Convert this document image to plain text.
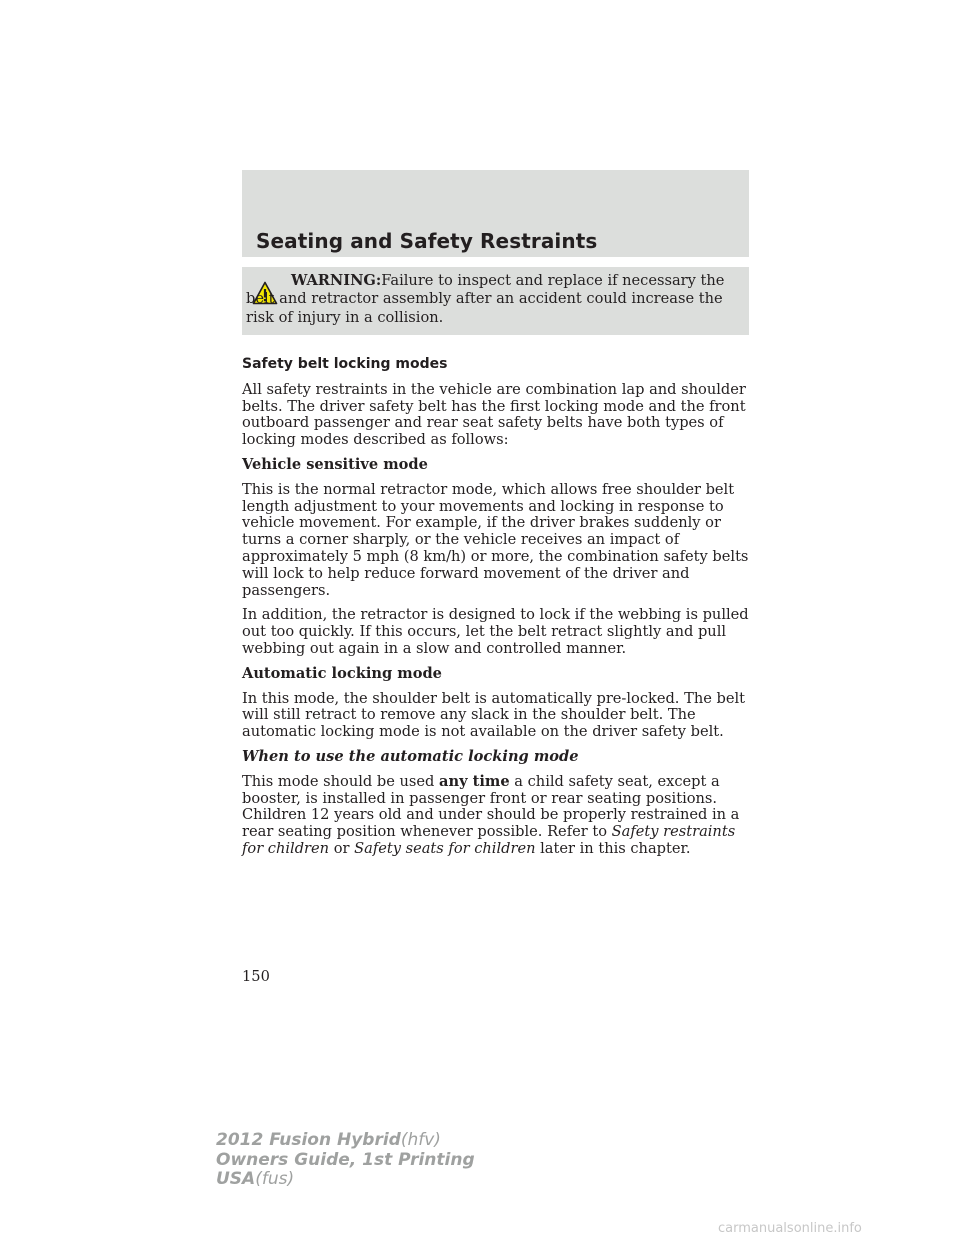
Seating and Safety Restraints
WARNING:Failure to inspect and replace if necessary the belt and retractor assembly after an accident could increase the risk of injury in a collision.

Safety belt locking modes

All safety restraints in the vehicle are combination lap and shoulder belts. The driver safety belt has the first locking mode and the front outboard passenger and rear seat safety belts have both types of locking modes described as follows:

Vehicle sensitive mode

This is the normal retractor mode, which allows free shoulder belt length adjustment to your movements and locking in response to vehicle movement. For example, if the driver brakes suddenly or turns a corner sharply, or the vehicle receives an impact of approximately 5 mph (8 km/h) or more, the combination safety belts will lock to help reduce forward movement of the driver and passengers.

In addition, the retractor is designed to lock if the webbing is pulled out too quickly. If this occurs, let the belt retract slightly and pull webbing out again in a slow and controlled manner.

Automatic locking mode

In this mode, the shoulder belt is automatically pre-locked. The belt will still retract to remove any slack in the shoulder belt. The automatic locking mode is not available on the driver safety belt.

When to use the automatic locking mode

This mode should be used any time a child safety seat, except a booster, is installed in passenger front or rear seating positions. Children 12 years old and under should be properly restrained in a rear seating position whenever possible. Refer to Safety restraints for children or Safety seats for children later in this chapter.

150
2012 Fusion Hybrid(hfv)
Owners Guide, 1st Printing
USA(fus)
carmanualsonline.info
